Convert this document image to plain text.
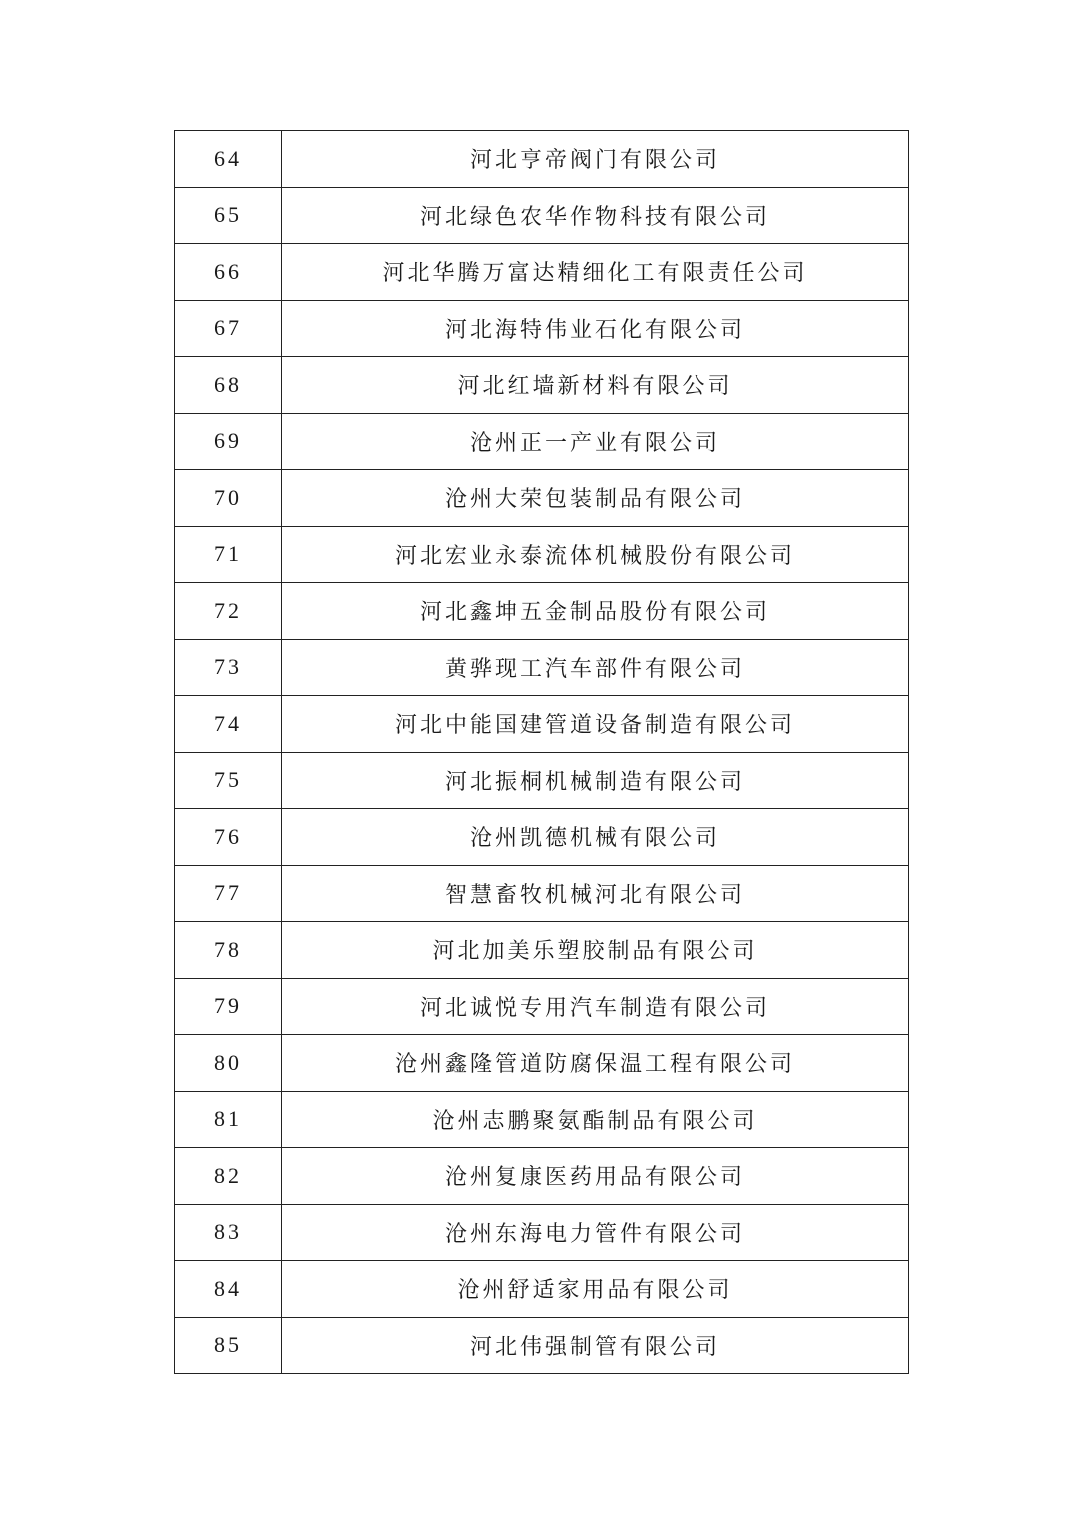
64	河北亨帝阀门有限公司
65	河北绿色农华作物科技有限公司
66	河北华腾万富达精细化工有限责任公司
67	河北海特伟业石化有限公司
68	河北红墙新材料有限公司
69	沧州正一产业有限公司
70	沧州大荣包装制品有限公司
71	河北宏业永泰流体机械股份有限公司
72	河北鑫坤五金制品股份有限公司
73	黄骅现工汽车部件有限公司
74	河北中能国建管道设备制造有限公司
75	河北振桐机械制造有限公司
76	沧州凯德机械有限公司
77	智慧畜牧机械河北有限公司
78	河北加美乐塑胶制品有限公司
79	河北诚悦专用汽车制造有限公司
80	沧州鑫隆管道防腐保温工程有限公司
81	沧州志鹏聚氨酯制品有限公司
82	沧州复康医药用品有限公司
83	沧州东海电力管件有限公司
84	沧州舒适家用品有限公司
85	河北伟强制管有限公司
